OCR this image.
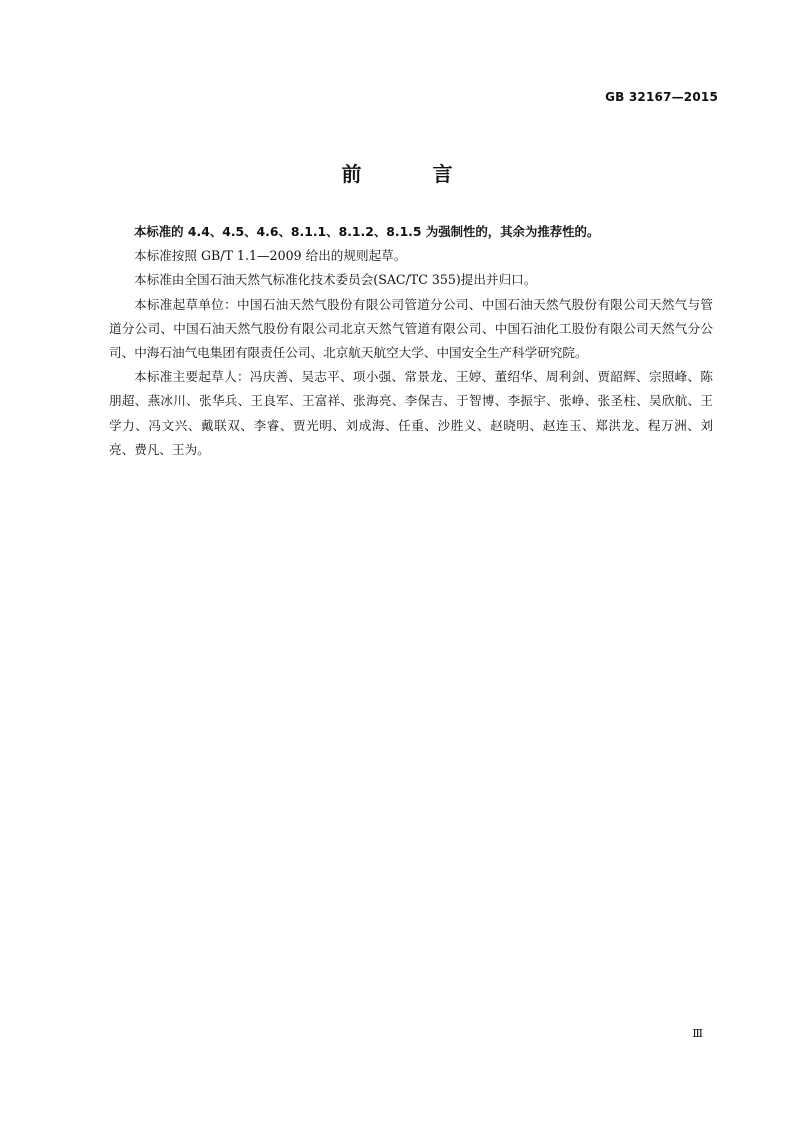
GB 32167—2015
前 言

本标准的 4.4、4.5、4.6、8.1.1、8.1.2、8.1.5 为强制性的，其余为推荐性的。

本标准按照 GB/T 1.1—2009 给出的规则起草。

本标准由全国石油天然气标准化技术委员会(SAC/TC 355)提出并归口。

本标准起草单位：中国石油天然气股份有限公司管道分公司、中国石油天然气股份有限公司天然气与管道分公司、中国石油天然气股份有限公司北京天然气管道有限公司、中国石油化工股份有限公司天然气分公司、中海石油气电集团有限责任公司、北京航天航空大学、中国安全生产科学研究院。

本标准主要起草人：冯庆善、吴志平、项小强、常景龙、王婷、董绍华、周利剑、贾韶辉、宗照峰、陈朋超、燕冰川、张华兵、王良军、王富祥、张海亮、李保吉、于智博、李振宇、张峥、张圣柱、吴欣航、王学力、冯文兴、戴联双、李睿、贾光明、刘成海、任重、沙胜义、赵晓明、赵连玉、郑洪龙、程万洲、刘亮、费凡、王为。

Ⅲ
